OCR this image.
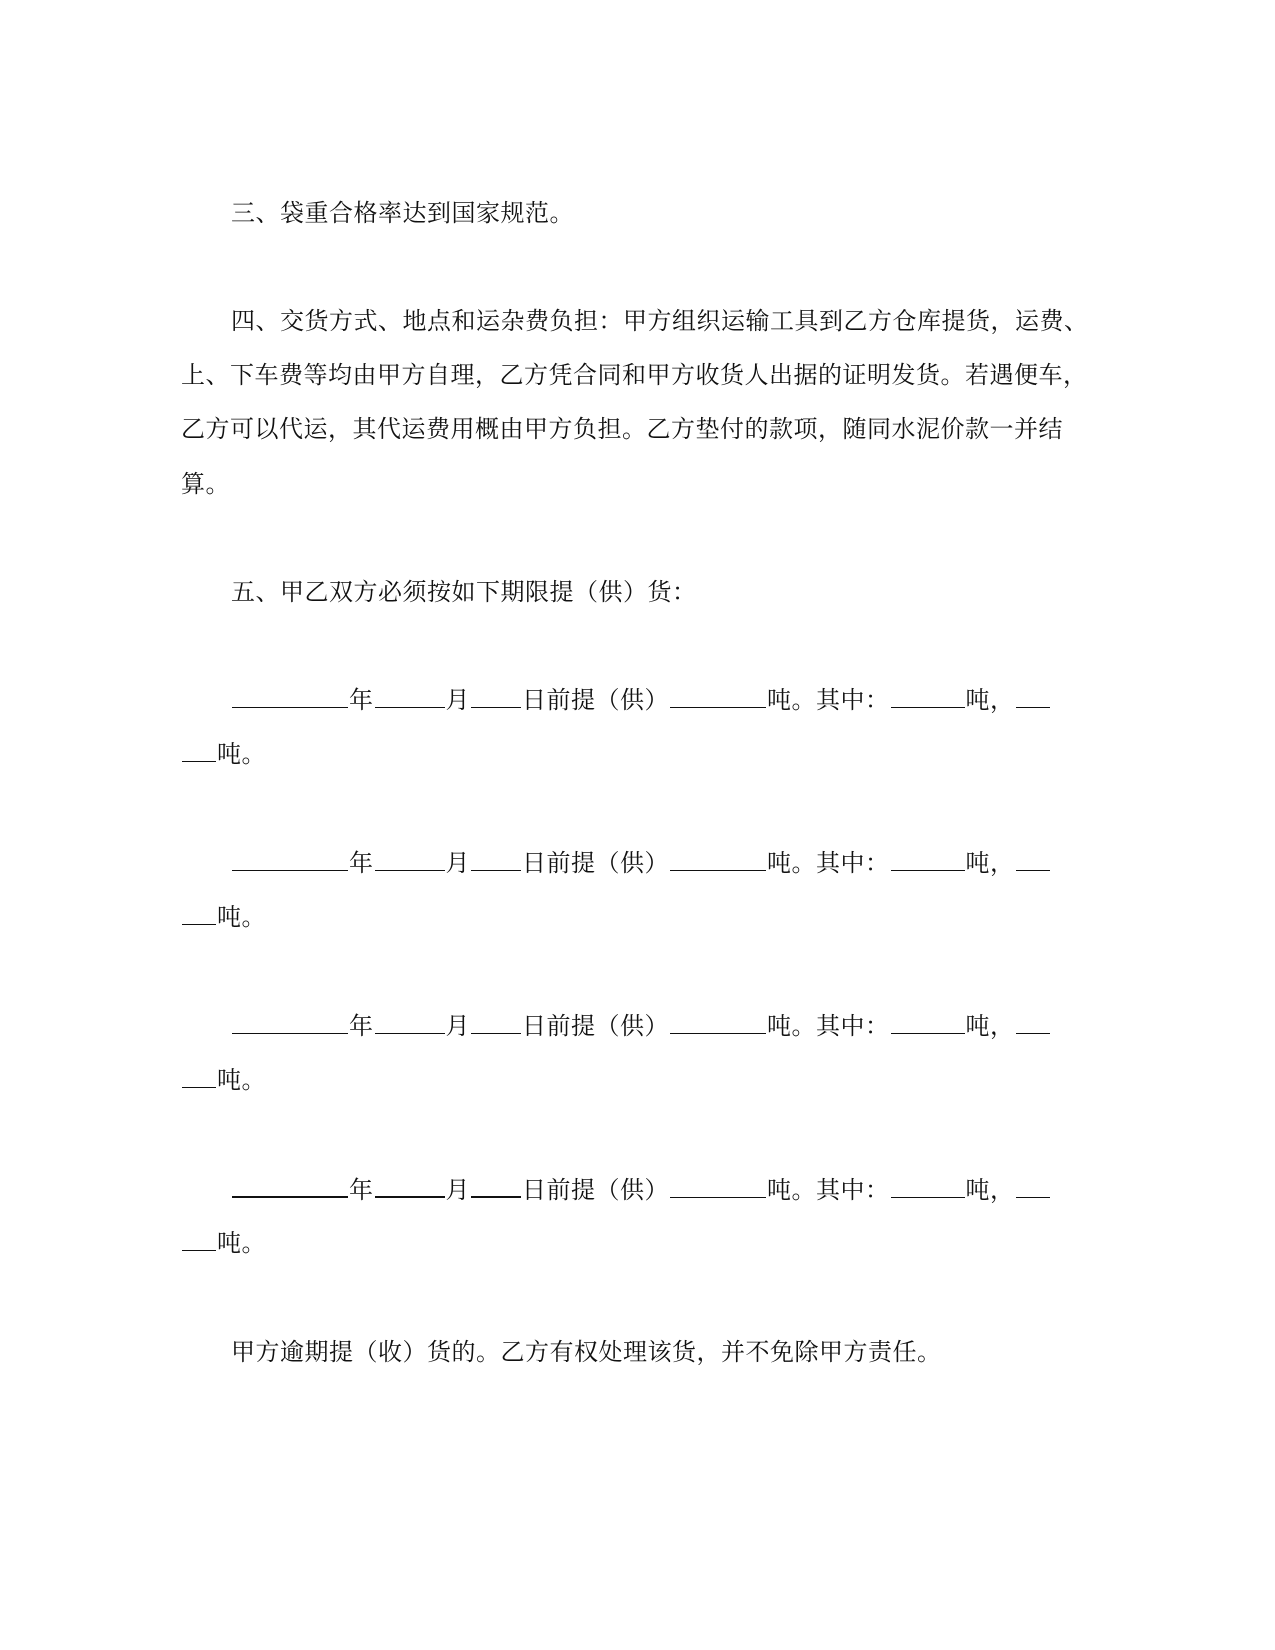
三、袋重合格率达到国家规范。
四、交货方式、地点和运杂费负担：甲方组织运输工具到乙方仓库提货，运费、
上、下车费等均由甲方自理，乙方凭合同和甲方收货人出据的证明发货。若遇便车，
乙方可以代运，其代运费用概由甲方负担。乙方垫付的款项，随同水泥价款一并结
算。
五、甲乙双方必须按如下期限提（供）货：
年	月 日前提（供）	吨。其中：	吨，
吨。
年	月 日前提（供）	吨。其中：	吨，
吨。
年	月 日前提（供）	吨。其中：	吨，
吨。
年	月 日前提（供）	吨。其中：	吨，
吨。
甲方逾期提（收）货的。乙方有权处理该货，并不免除甲方责任。
